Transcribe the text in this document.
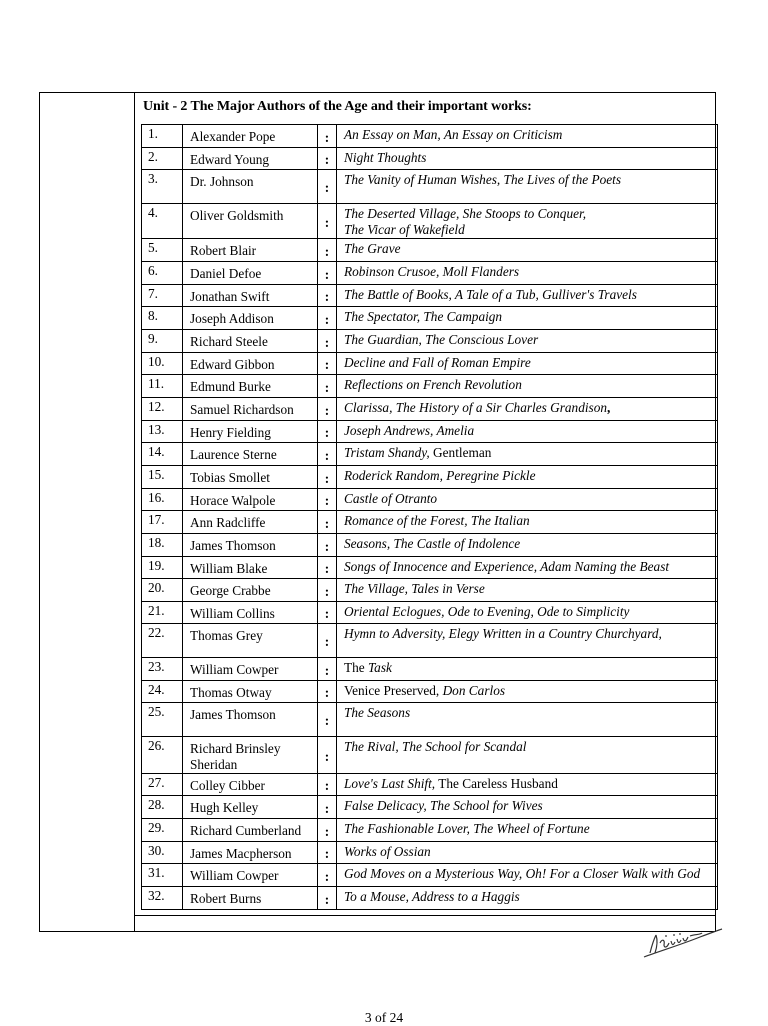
Unit - 2 The Major Authors of the Age and their important works:
1.	Alexander Pope	:	An Essay on Man, An Essay on Criticism

2.	Edward Young	:	Night Thoughts

3.	Dr. Johnson	:	The Vanity of Human Wishes, The Lives of the Poets

4.	Oliver Goldsmith	:	The Deserted Village, She Stoops to Conquer,
The Vicar of Wakefield

5.	Robert Blair	:	The Grave

6.	Daniel Defoe	:	Robinson Crusoe, Moll Flanders

7.	Jonathan Swift	:	The Battle of Books, A Tale of a Tub, Gulliver's Travels

8.	Joseph Addison	:	The Spectator, The Campaign

9.	Richard Steele	:	The Guardian, The Conscious Lover

10.	Edward Gibbon	:	Decline and Fall of Roman Empire

11.	Edmund Burke	:	Reflections on French Revolution

12.	Samuel Richardson	:	Clarissa, The History of a Sir Charles Grandison,

13.	Henry Fielding	:	Joseph Andrews, Amelia

14.	Laurence Sterne	:	Tristam Shandy, Gentleman

15.	Tobias Smollet	:	Roderick Random, Peregrine Pickle

16.	Horace Walpole	:	Castle of Otranto

17.	Ann Radcliffe	:	Romance of the Forest, The Italian

18.	James Thomson	:	Seasons, The Castle of Indolence

19.	William Blake	:	Songs of Innocence and Experience, Adam Naming the Beast

20.	George Crabbe	:	The Village, Tales in Verse

21.	William Collins	:	Oriental Eclogues, Ode to Evening, Ode to Simplicity

22.	Thomas Grey	:	Hymn to Adversity, Elegy Written in a Country Churchyard,

23.	William Cowper	:	The Task

24.	Thomas Otway	:	Venice Preserved, Don Carlos

25.	James Thomson	:	The Seasons

26.	Richard Brinsley Sheridan	:	The Rival, The School for Scandal

27.	Colley Cibber	:	Love's Last Shift, The Careless Husband

28.	Hugh Kelley	:	False Delicacy, The School for Wives

29.	Richard Cumberland	:	The Fashionable Lover, The Wheel of Fortune

30.	James Macpherson	:	Works of Ossian

31.	William Cowper	:	God Moves on a Mysterious Way, Oh! For a Closer Walk with God

32.	Robert Burns	:	To a Mouse, Address to a Haggis
3 of 24
